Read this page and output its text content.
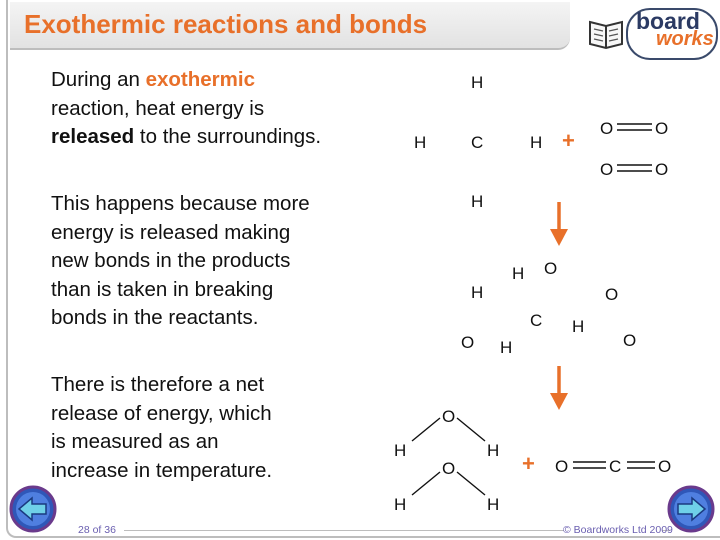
Exothermic reactions and bonds	board
works
During an exothermic
reaction, heat energy is
released to the surroundings.
This happens because more
energy is released making
new bonds in the products
than is taken in breaking
bonds in the reactants.
There is therefore a net
release of energy, which
is measured as an
increase in temperature.
H
H	C	H
H
+ O O
O O
H O
H	O
C H
O H	O
O
H	H
O
H	H
+ O C O
28 of 36	© Boardworks Ltd 2009
